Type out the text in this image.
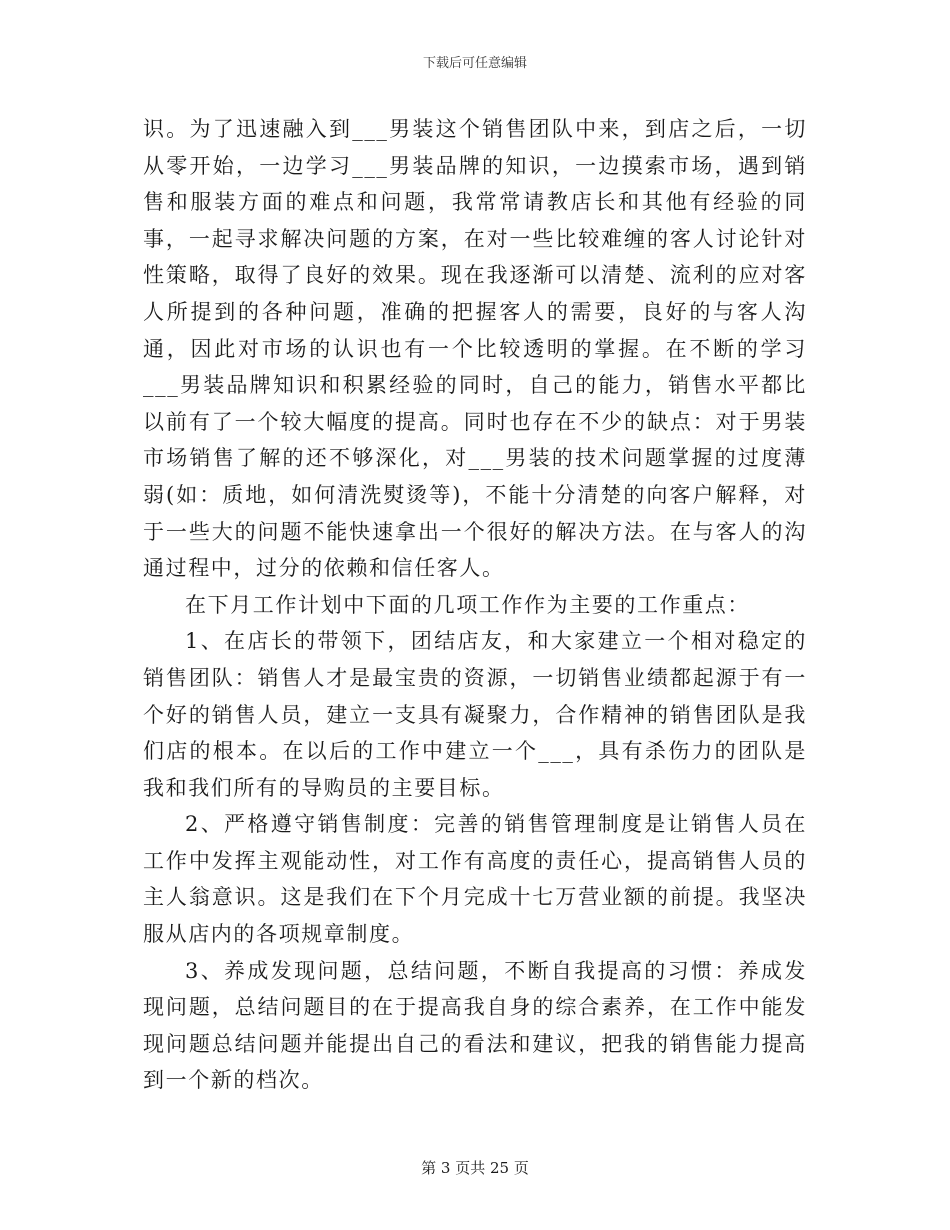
下载后可任意编辑

识。为了迅速融入到___男装这个销售团队中来，到店之后，一切从零开始，一边学习___男装品牌的知识，一边摸索市场，遇到销售和服装方面的难点和问题，我常常请教店长和其他有经验的同事，一起寻求解决问题的方案，在对一些比较难缠的客人讨论针对性策略，取得了良好的效果。现在我逐渐可以清楚、流利的应对客人所提到的各种问题，准确的把握客人的需要，良好的与客人沟通，因此对市场的认识也有一个比较透明的掌握。在不断的学习___男装品牌知识和积累经验的同时，自己的能力，销售水平都比以前有了一个较大幅度的提高。同时也存在不少的缺点：对于男装市场销售了解的还不够深化，对___男装的技术问题掌握的过度薄弱(如：质地，如何清洗熨烫等)，不能十分清楚的向客户解释，对于一些大的问题不能快速拿出一个很好的解决方法。在与客人的沟通过程中，过分的依赖和信任客人。

在下月工作计划中下面的几项工作作为主要的工作重点：

1、在店长的带领下，团结店友，和大家建立一个相对稳定的销售团队：销售人才是最宝贵的资源，一切销售业绩都起源于有一个好的销售人员，建立一支具有凝聚力，合作精神的销售团队是我们店的根本。在以后的工作中建立一个___，具有杀伤力的团队是我和我们所有的导购员的主要目标。

2、严格遵守销售制度：完善的销售管理制度是让销售人员在工作中发挥主观能动性，对工作有高度的责任心，提高销售人员的主人翁意识。这是我们在下个月完成十七万营业额的前提。我坚决服从店内的各项规章制度。

3、养成发现问题，总结问题，不断自我提高的习惯：养成发现问题，总结问题目的在于提高我自身的综合素养，在工作中能发现问题总结问题并能提出自己的看法和建议，把我的销售能力提高到一个新的档次。

第 3 页共 25 页
